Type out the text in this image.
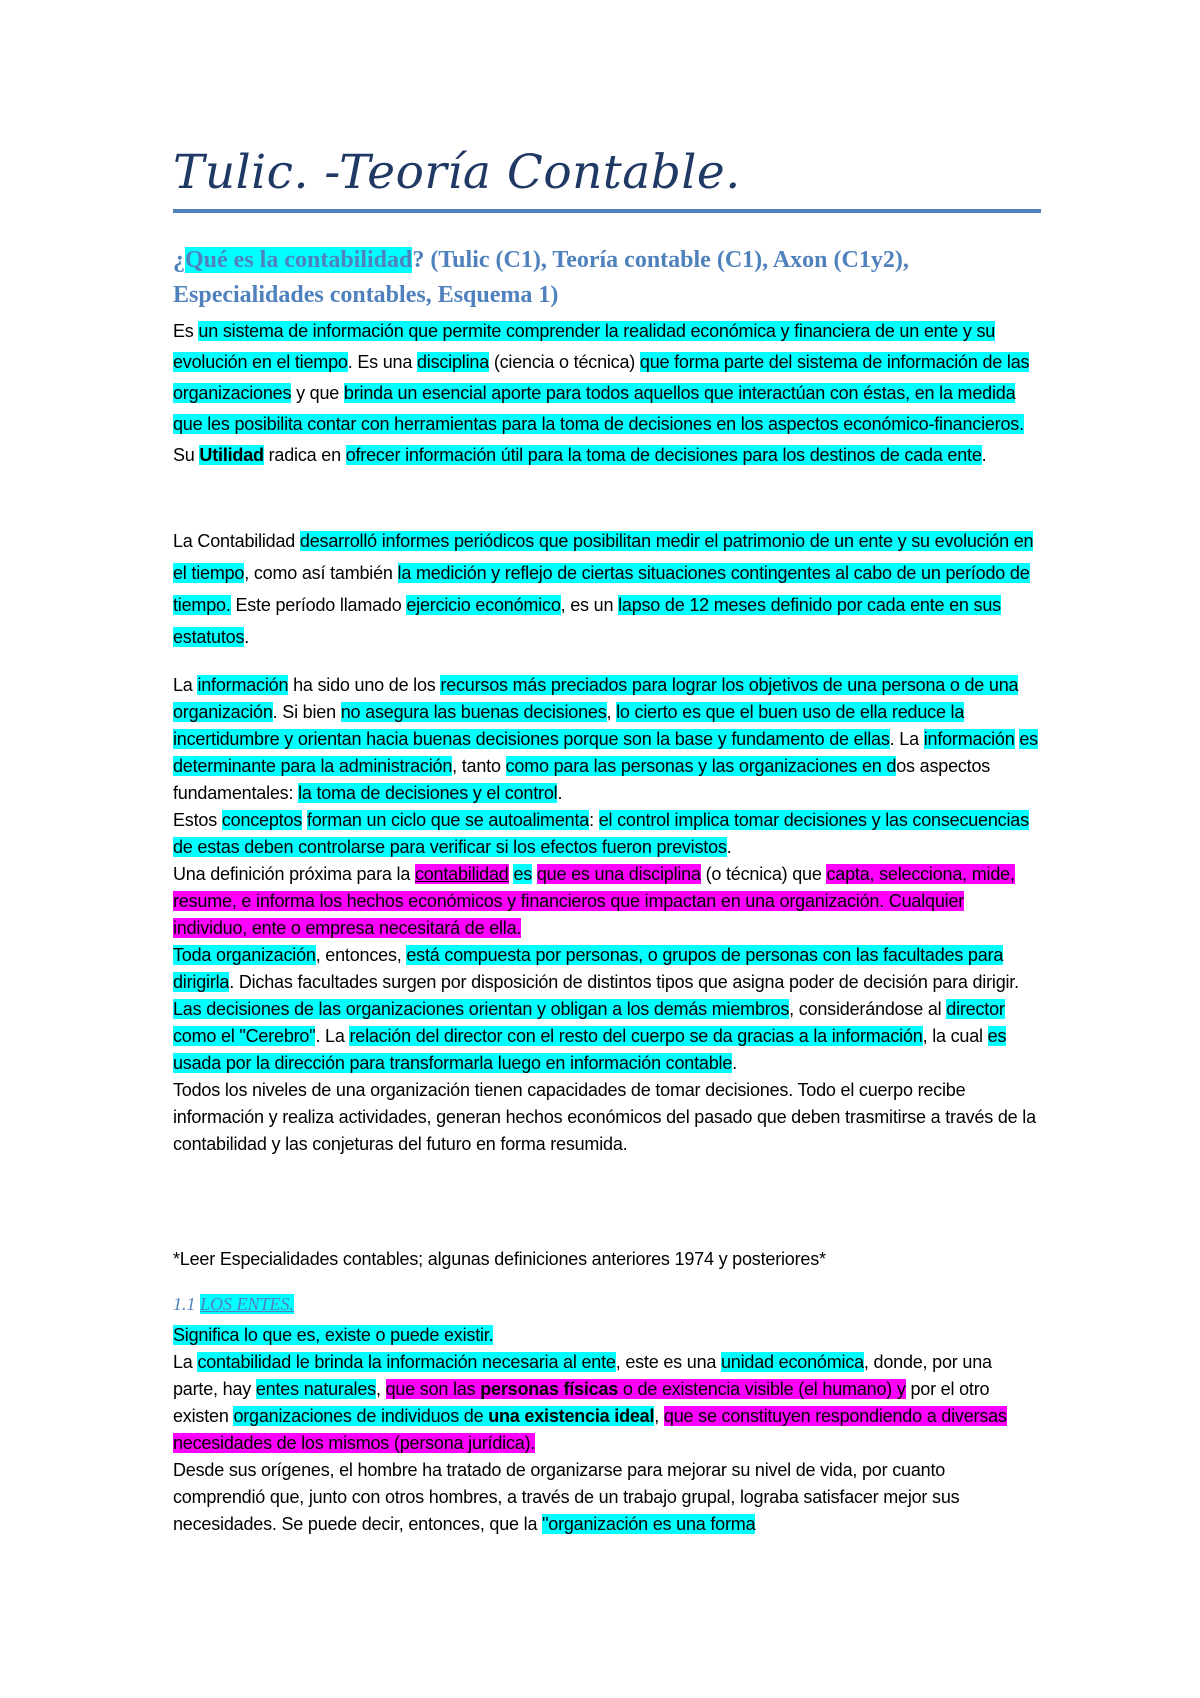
Tulic. -Teoría Contable.
¿Qué es la contabilidad? (Tulic (C1), Teoría contable (C1), Axon (C1y2), Especialidades contables, Esquema 1)

Es un sistema de información que permite comprender la realidad económica y financiera de un ente y su evolución en el tiempo. Es una disciplina (ciencia o técnica) que forma parte del sistema de información de las organizaciones y que brinda un esencial aporte para todos aquellos que interactúan con éstas, en la medida que les posibilita contar con herramientas para la toma de decisiones en los aspectos económico-financieros. Su Utilidad radica en ofrecer información útil para la toma de decisiones para los destinos de cada ente.

La Contabilidad desarrolló informes periódicos que posibilitan medir el patrimonio de un ente y su evolución en el tiempo, como así también la medición y reflejo de ciertas situaciones contingentes al cabo de un período de tiempo. Este período llamado ejercicio económico, es un lapso de 12 meses definido por cada ente en sus estatutos.

La información ha sido uno de los recursos más preciados para lograr los objetivos de una persona o de una organización. Si bien no asegura las buenas decisiones, lo cierto es que el buen uso de ella reduce la incertidumbre y orientan hacia buenas decisiones porque son la base y fundamento de ellas. La información es determinante para la administración, tanto como para las personas y las organizaciones en dos aspectos fundamentales: la toma de decisiones y el control.
Estos conceptos forman un ciclo que se autoalimenta: el control implica tomar decisiones y las consecuencias de estas deben controlarse para verificar si los efectos fueron previstos.
Una definición próxima para la contabilidad es que es una disciplina (o técnica) que capta, selecciona, mide, resume, e informa los hechos económicos y financieros que impactan en una organización. Cualquier individuo, ente o empresa necesitará de ella.
Toda organización, entonces, está compuesta por personas, o grupos de personas con las facultades para dirigirla. Dichas facultades surgen por disposición de distintos tipos que asigna poder de decisión para dirigir. Las decisiones de las organizaciones orientan y obligan a los demás miembros, considerándose al director como el "Cerebro". La relación del director con el resto del cuerpo se da gracias a la información, la cual es usada por la dirección para transformarla luego en información contable.
Todos los niveles de una organización tienen capacidades de tomar decisiones. Todo el cuerpo recibe información y realiza actividades, generan hechos económicos del pasado que deben trasmitirse a través de la contabilidad y las conjeturas del futuro en forma resumida.

*Leer Especialidades contables; algunas definiciones anteriores 1974 y posteriores*

1.1 LOS ENTES.

Significa lo que es, existe o puede existir.
La contabilidad le brinda la información necesaria al ente, este es una unidad económica, donde, por una parte, hay entes naturales, que son las personas físicas o de existencia visible (el humano) y por el otro existen organizaciones de individuos de una existencia ideal, que se constituyen respondiendo a diversas necesidades de los mismos (persona jurídica).
Desde sus orígenes, el hombre ha tratado de organizarse para mejorar su nivel de vida, por cuanto comprendió que, junto con otros hombres, a través de un trabajo grupal, lograba satisfacer mejor sus necesidades. Se puede decir, entonces, que la "organización es una forma
